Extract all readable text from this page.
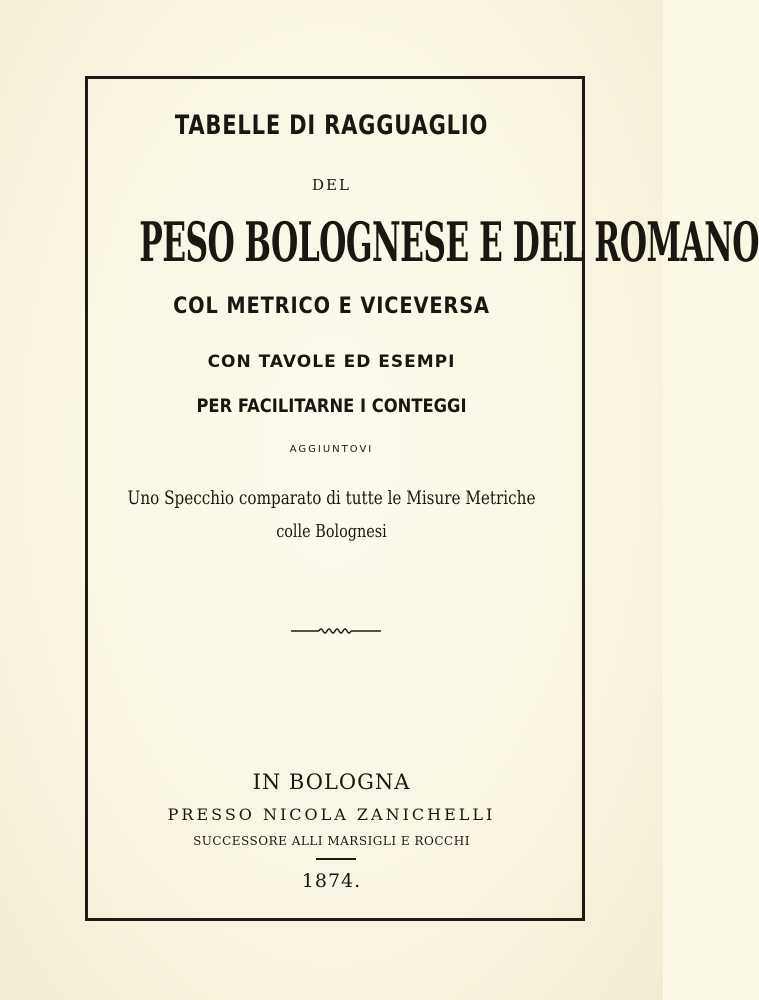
TABELLE DI RAGGUAGLIO
DEL
PESO BOLOGNESE E DEL ROMANO
COL METRICO E VICEVERSA
CON TAVOLE ED ESEMPI
PER FACILITARNE I CONTEGGI
AGGIUNTOVI
Uno Specchio comparato di tutte le Misure Metriche
colle Bolognesi
IN BOLOGNA
PRESSO NICOLA ZANICHELLI
SUCCESSORE ALLI MARSIGLI E ROCCHI
1874.
